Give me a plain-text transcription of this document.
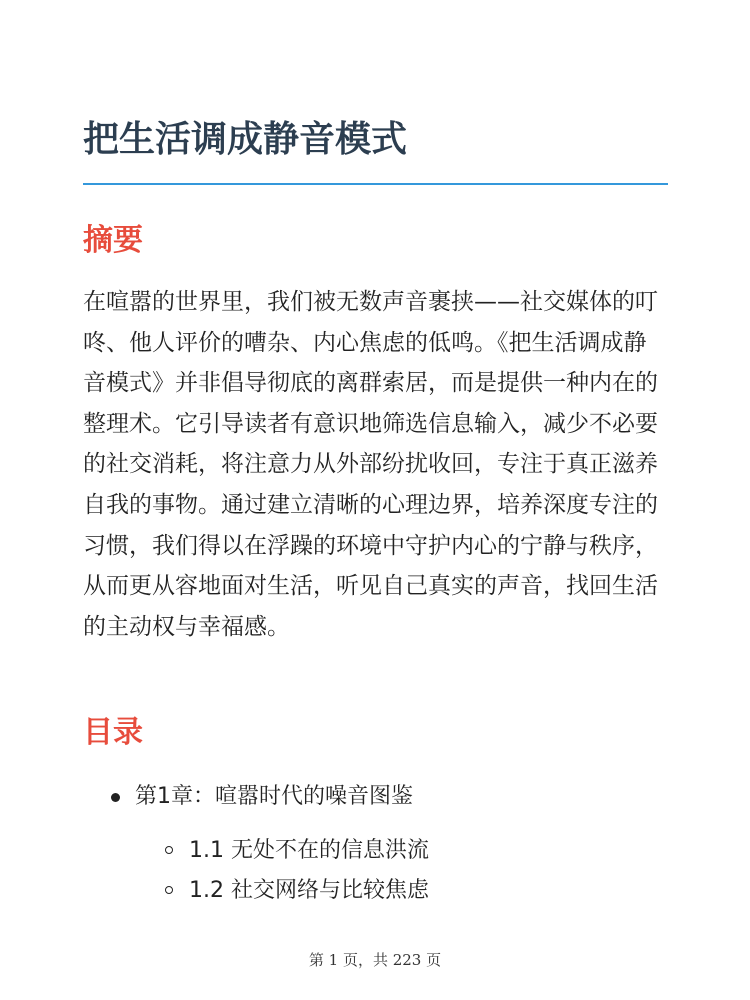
把生活调成静音模式
摘要

在喧嚣的世界里，我们被无数声音裹挟——社交媒体的叮咚、他人评价的嘈杂、内心焦虑的低鸣。《把生活调成静音模式》并非倡导彻底的离群索居，而是提供一种内在的整理术。它引导读者有意识地筛选信息输入，减少不必要的社交消耗，将注意力从外部纷扰收回，专注于真正滋养自我的事物。通过建立清晰的心理边界，培养深度专注的习惯，我们得以在浮躁的环境中守护内心的宁静与秩序，从而更从容地面对生活，听见自己真实的声音，找回生活的主动权与幸福感。

目录
第1章：喧嚣时代的噪音图鉴
1.1 无处不在的信息洪流
1.2 社交网络与比较焦虑
第 1 页，共 223 页
